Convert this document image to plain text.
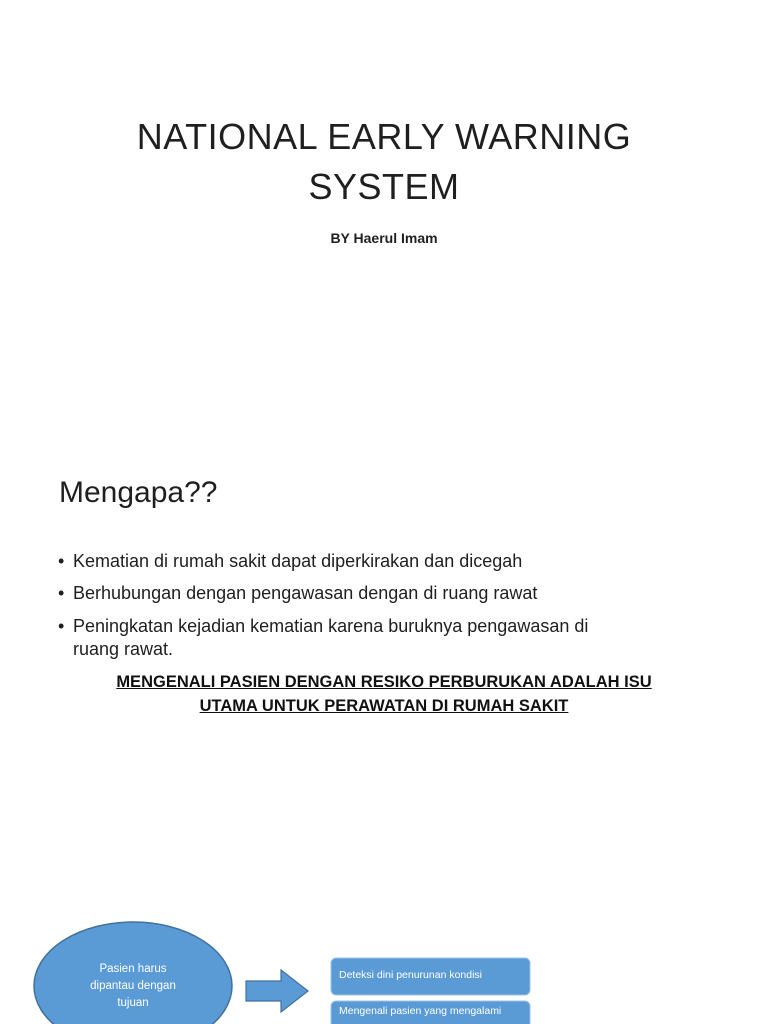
NATIONAL EARLY WARNING
SYSTEM
BY Haerul Imam
Mengapa??
• Kematian di rumah sakit dapat diperkirakan dan dicegah
• Berhubungan dengan pengawasan dengan di ruang rawat
• Peningkatan kejadian kematian karena buruknya pengawasan di
ruang rawat.
MENGENALI PASIEN DENGAN RESIKO PERBURUKAN ADALAH ISU
UTAMA UNTUK PERAWATAN DI RUMAH SAKIT
Pasien harus
dipantau dengan
tujuan
Deteksi dini penurunan kondisi
Mengenali pasien yang mengalami
